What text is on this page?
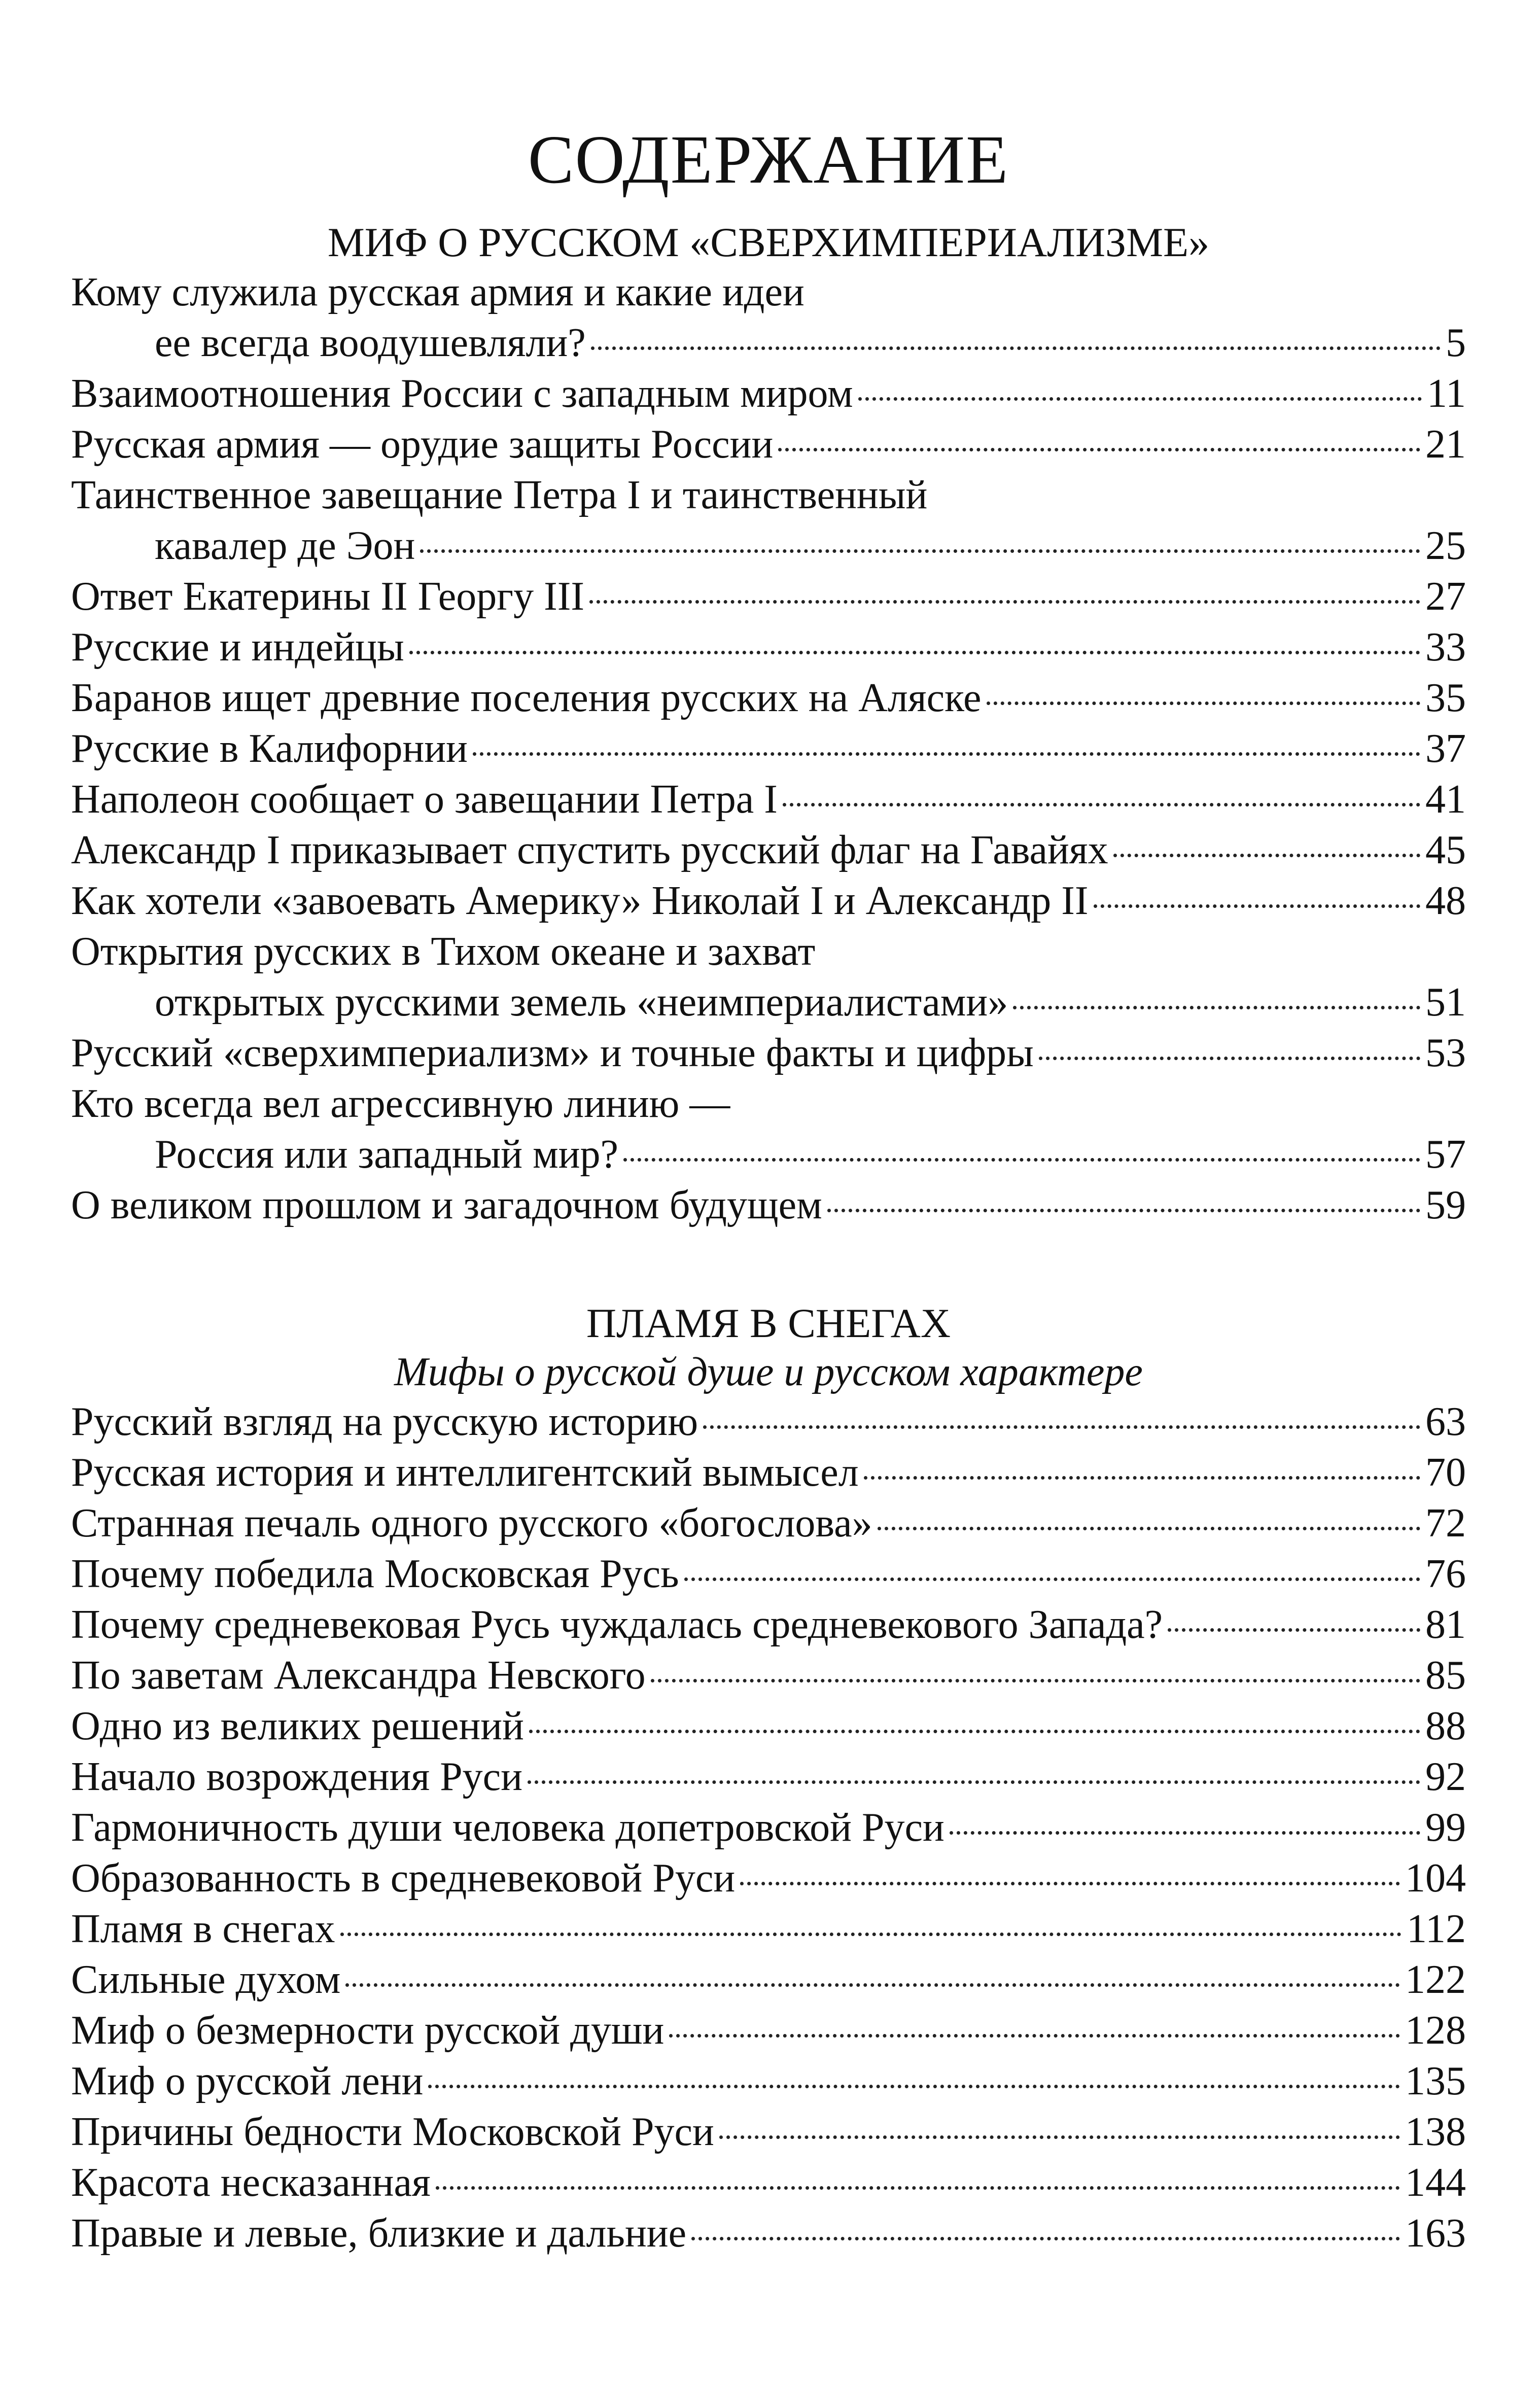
СОДЕРЖАНИЕ
МИФ О РУССКОМ «СВЕРХИМПЕРИАЛИЗМЕ»
Кому служила русская армия и какие идеи
ее всегда воодушевляли?	5
Взаимоотношения России с западным миром	11
Русская армия — орудие защиты России	21
Таинственное завещание Петра I и таинственный
кавалер де Эон	25
Ответ Екатерины II Георгу III	27
Русские и индейцы	33
Баранов ищет древние поселения русских на Аляске	35
Русские в Калифорнии	37
Наполеон сообщает о завещании Петра I	41
Александр I приказывает спустить русский флаг на Гавайях	45
Как хотели «завоевать Америку» Николай I и Александр II	48
Открытия русских в Тихом океане и захват
открытых русскими земель «неимпериалистами»	51
Русский «сверхимпериализм» и точные факты и цифры	53
Кто всегда вел агрессивную линию —
Россия или западный мир?	57
О великом прошлом и загадочном будущем	59
ПЛАМЯ В СНЕГАХ
Мифы о русской душе и русском характере
Русский взгляд на русскую историю	63
Русская история и интеллигентский вымысел	70
Странная печаль одного русского «богослова»	72
Почему победила Московская Русь	76
Почему средневековая Русь чуждалась средневекового Запада?	81
По заветам Александра Невского	85
Одно из великих решений	88
Начало возрождения Руси	92
Гармоничность души человека допетровской Руси	99
Образованность в средневековой Руси	104
Пламя в снегах	112
Сильные духом	122
Миф о безмерности русской души	128
Миф о русской лени	135
Причины бедности Московской Руси	138
Красота несказанная	144
Правые и левые, близкие и дальние	163
